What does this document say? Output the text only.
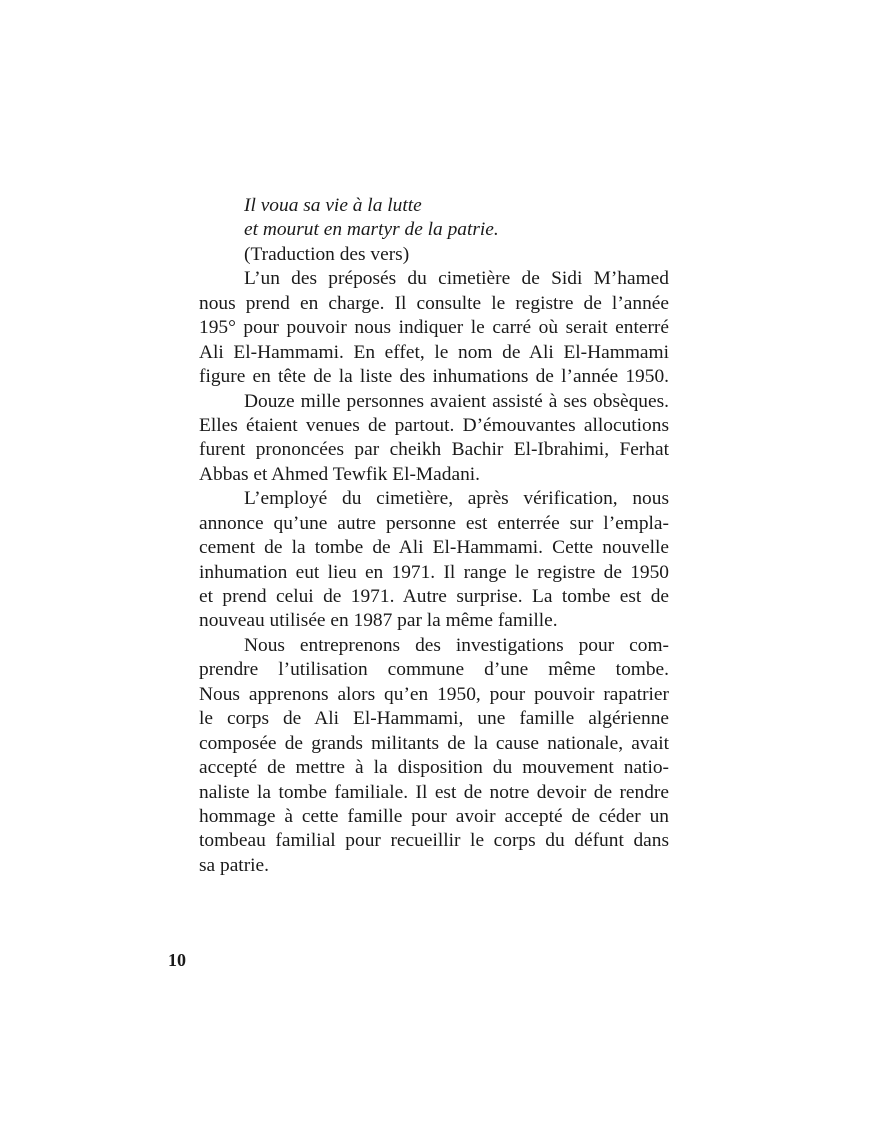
Il voua sa vie à la lutte
et mourut en martyr de la patrie.
(Traduction des vers)
L’un des préposés du cimetière de Sidi M’hamed
nous prend en charge. Il consulte le registre de l’année
195° pour pouvoir nous indiquer le carré où serait enterré
Ali El-Hammami. En effet, le nom de Ali El-Hammami
figure en tête de la liste des inhumations de l’année 1950.
Douze mille personnes avaient assisté à ses obsèques.
Elles étaient venues de partout. D’émouvantes allocutions
furent prononcées par cheikh Bachir El-Ibrahimi, Ferhat
Abbas et Ahmed Tewfik El-Madani.
L’employé du cimetière, après vérification, nous
annonce qu’une autre personne est enterrée sur l’empla-
cement de la tombe de Ali El-Hammami. Cette nouvelle
inhumation eut lieu en 1971. Il range le registre de 1950
et prend celui de 1971. Autre surprise. La tombe est de
nouveau utilisée en 1987 par la même famille.
Nous entreprenons des investigations pour com-
prendre l’utilisation commune d’une même tombe.
Nous apprenons alors qu’en 1950, pour pouvoir rapatrier
le corps de Ali El-Hammami, une famille algérienne
composée de grands militants de la cause nationale, avait
accepté de mettre à la disposition du mouvement natio-
naliste la tombe familiale. Il est de notre devoir de rendre
hommage à cette famille pour avoir accepté de céder un
tombeau familial pour recueillir le corps du défunt dans
sa patrie.
10
